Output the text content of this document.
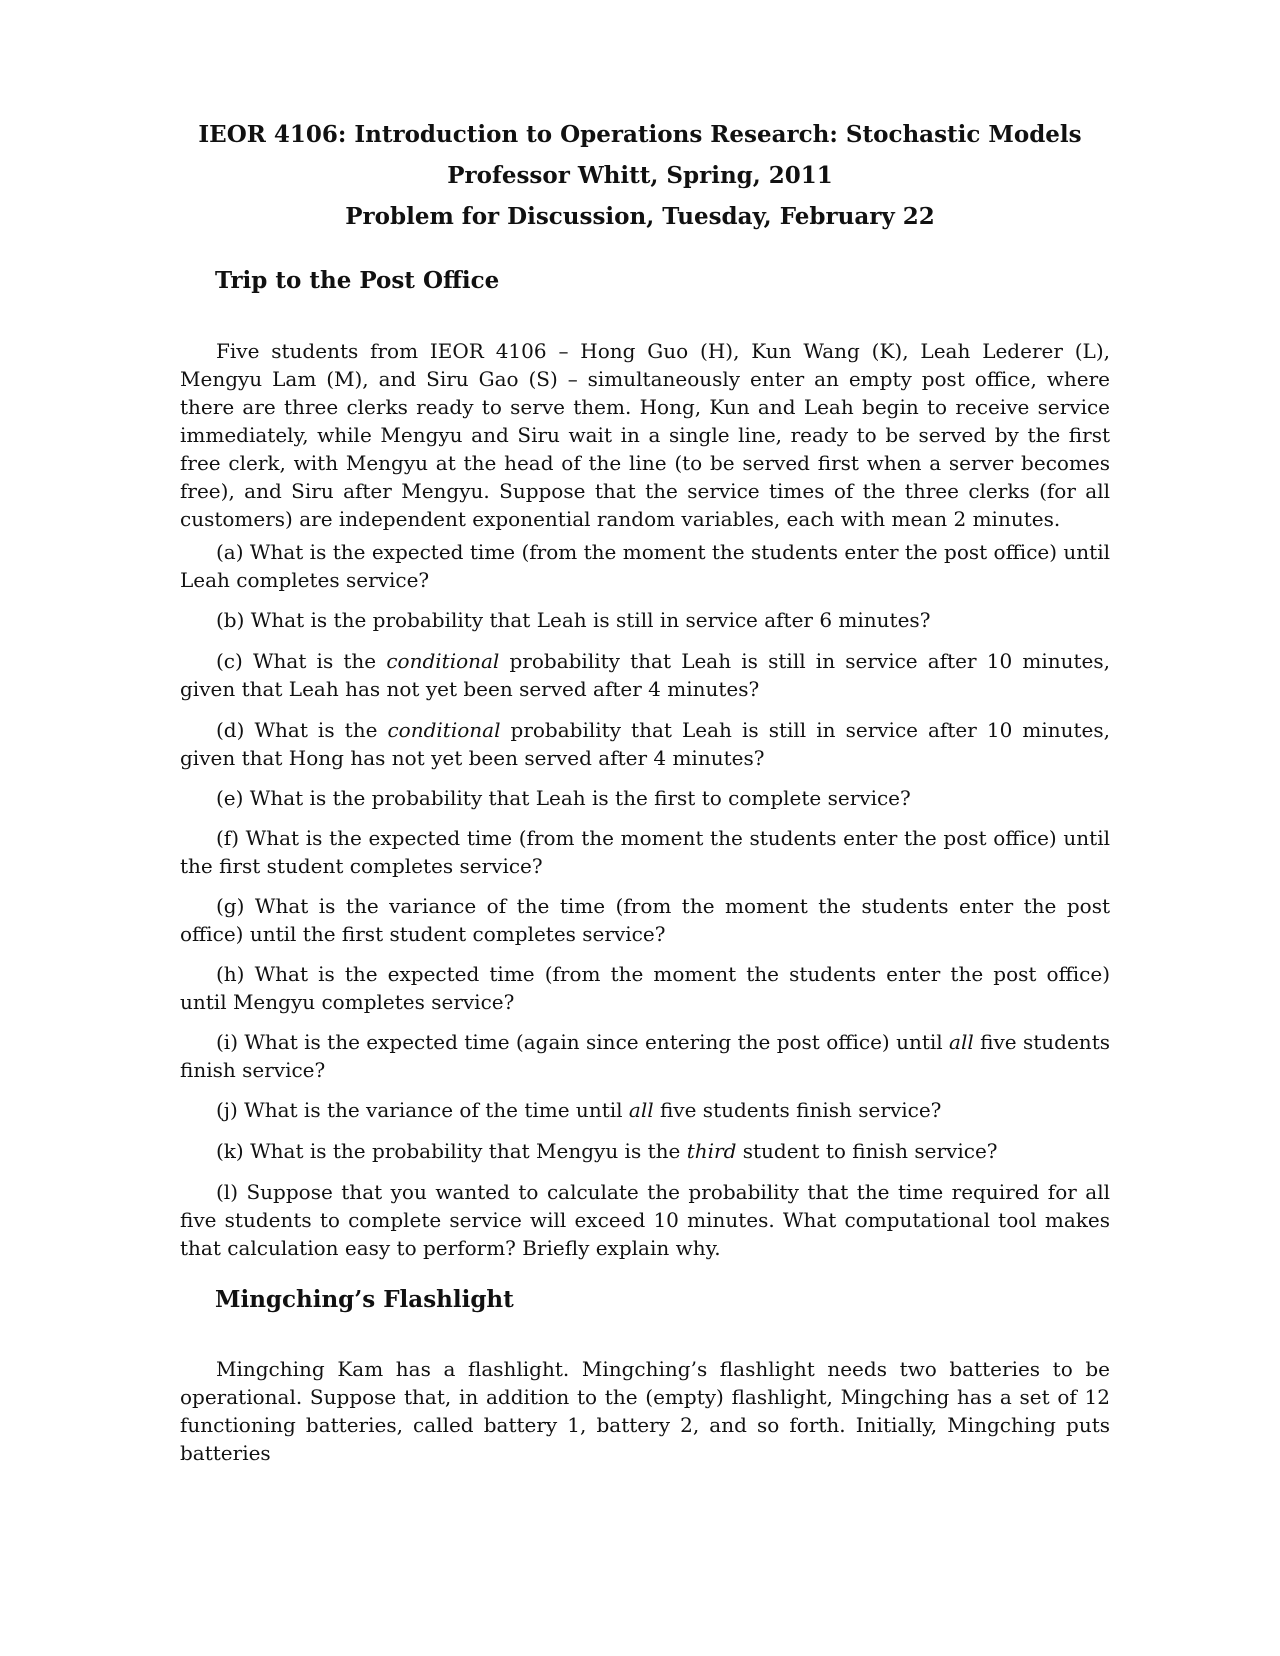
IEOR 4106: Introduction to Operations Research: Stochastic Models
Professor Whitt, Spring, 2011
Problem for Discussion, Tuesday, February 22
Trip to the Post Office

Five students from IEOR 4106 – Hong Guo (H), Kun Wang (K), Leah Lederer (L), Mengyu Lam (M), and Siru Gao (S) – simultaneously enter an empty post office, where there are three clerks ready to serve them. Hong, Kun and Leah begin to receive service immediately, while Mengyu and Siru wait in a single line, ready to be served by the first free clerk, with Mengyu at the head of the line (to be served first when a server becomes free), and Siru after Mengyu. Suppose that the service times of the three clerks (for all customers) are independent exponential random variables, each with mean 2 minutes.

(a) What is the expected time (from the moment the students enter the post office) until Leah completes service?

(b) What is the probability that Leah is still in service after 6 minutes?

(c) What is the conditional probability that Leah is still in service after 10 minutes, given that Leah has not yet been served after 4 minutes?

(d) What is the conditional probability that Leah is still in service after 10 minutes, given that Hong has not yet been served after 4 minutes?

(e) What is the probability that Leah is the first to complete service?

(f) What is the expected time (from the moment the students enter the post office) until the first student completes service?

(g) What is the variance of the time (from the moment the students enter the post office) until the first student completes service?

(h) What is the expected time (from the moment the students enter the post office) until Mengyu completes service?

(i) What is the expected time (again since entering the post office) until all five students finish service?

(j) What is the variance of the time until all five students finish service?

(k) What is the probability that Mengyu is the third student to finish service?

(l) Suppose that you wanted to calculate the probability that the time required for all five students to complete service will exceed 10 minutes. What computational tool makes that calculation easy to perform? Briefly explain why.

Mingching’s Flashlight

Mingching Kam has a flashlight. Mingching’s flashlight needs two batteries to be operational. Suppose that, in addition to the (empty) flashlight, Mingching has a set of 12 functioning batteries, called battery 1, battery 2, and so forth. Initially, Mingching puts batteries
